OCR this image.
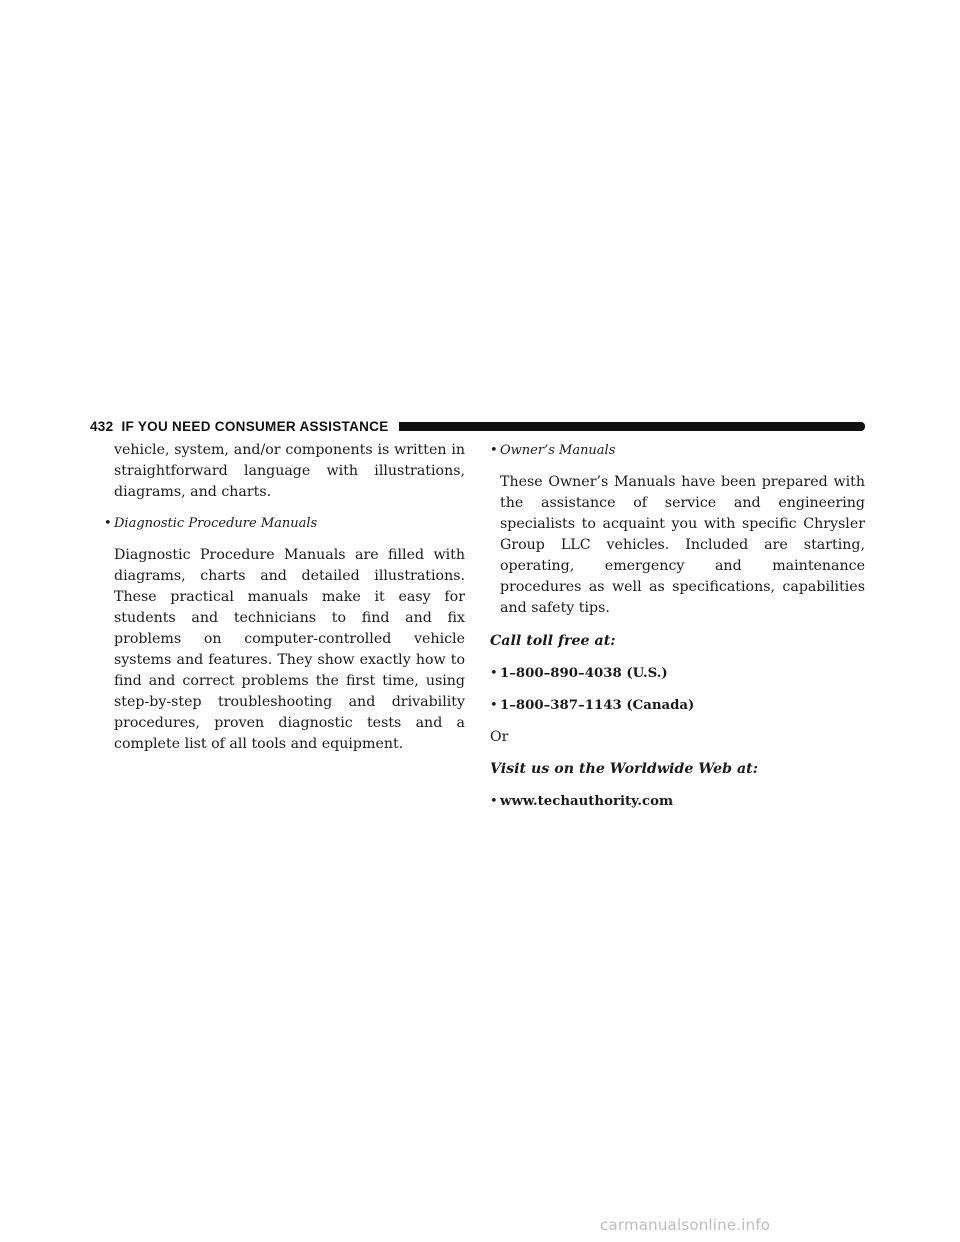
432 IF YOU NEED CONSUMER ASSISTANCE

vehicle, system, and/or components is written in straightforward language with illustrations, diagrams, and charts.

• Diagnostic Procedure Manuals

Diagnostic Procedure Manuals are filled with diagrams, charts and detailed illustrations. These practical manuals make it easy for students and technicians to find and fix problems on computer-controlled vehicle systems and features. They show exactly how to find and correct problems the first time, using step-by-step troubleshooting and drivability procedures, proven diagnostic tests and a complete list of all tools and equipment.

• Owner’s Manuals

These Owner’s Manuals have been prepared with the assistance of service and engineering specialists to acquaint you with specific Chrysler Group LLC vehicles. Included are starting, operating, emergency and maintenance procedures as well as specifications, capabilities and safety tips.

Call toll free at:

• 1–800–890–4038 (U.S.)
• 1–800–387–1143 (Canada)

Or

Visit us on the Worldwide Web at:

• www.techauthority.com
carmanualsonline.info
